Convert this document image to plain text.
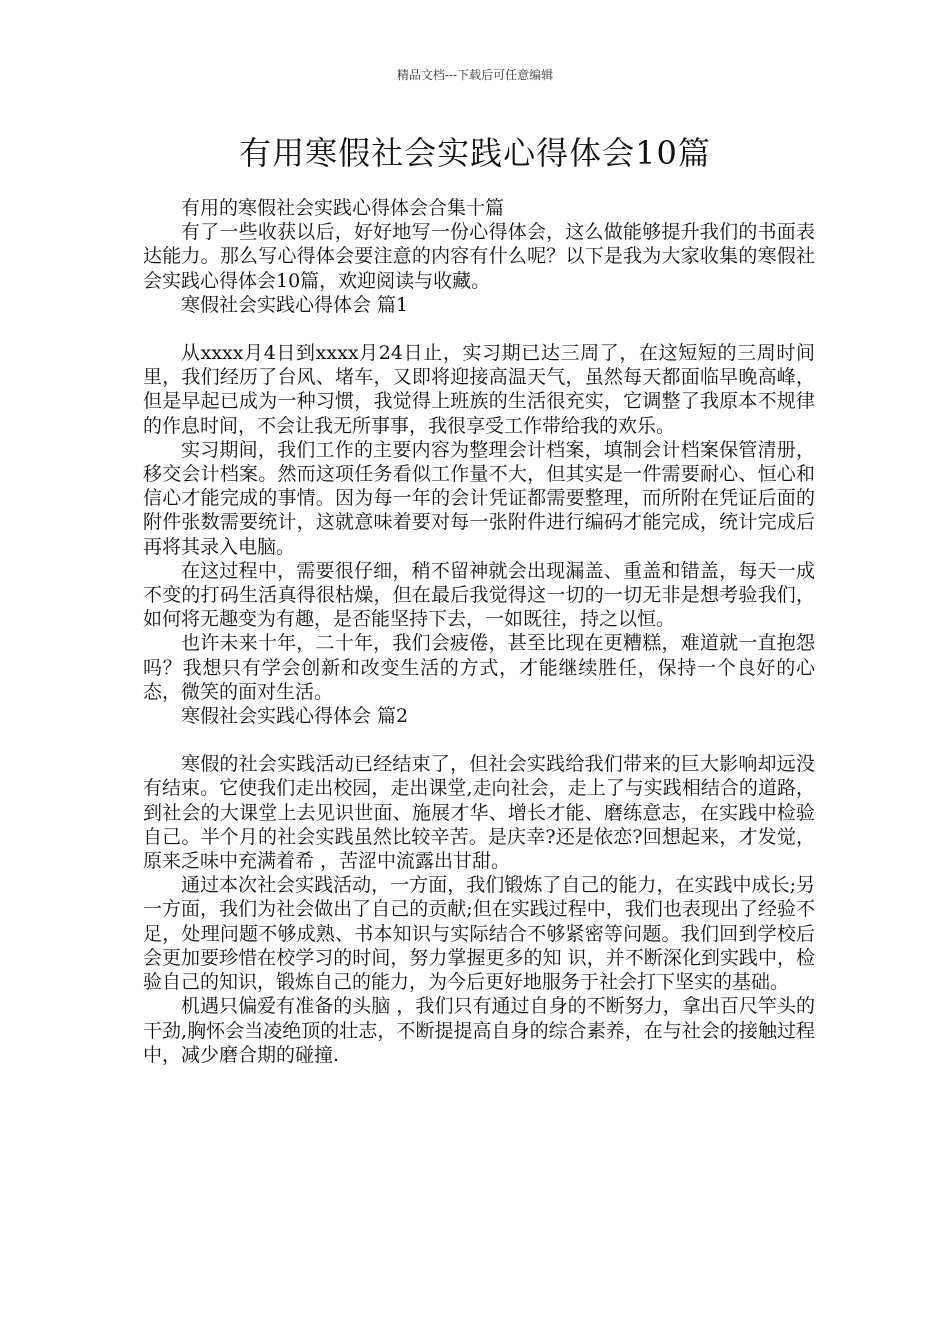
精品文档---下载后可任意编辑
有用寒假社会实践心得体会10篇

有用的寒假社会实践心得体会合集十篇

有了一些收获以后，好好地写一份心得体会，这么做能够提升我们的书面表达能力。那么写心得体会要注意的内容有什么呢？以下是我为大家收集的寒假社会实践心得体会10篇，欢迎阅读与收藏。

寒假社会实践心得体会 篇1

从xxxx月4日到xxxx月24日止，实习期已达三周了，在这短短的三周时间里，我们经历了台风、堵车，又即将迎接高温天气，虽然每天都面临早晚高峰，但是早起已成为一种习惯，我觉得上班族的生活很充实，它调整了我原本不规律的作息时间，不会让我无所事事，我很享受工作带给我的欢乐。

实习期间，我们工作的主要内容为整理会计档案，填制会计档案保管清册，移交会计档案。然而这项任务看似工作量不大，但其实是一件需要耐心、恒心和信心才能完成的事情。因为每一年的会计凭证都需要整理，而所附在凭证后面的附件张数需要统计，这就意味着要对每一张附件进行编码才能完成，统计完成后再将其录入电脑。

在这过程中，需要很仔细，稍不留神就会出现漏盖、重盖和错盖，每天一成不变的打码生活真得很枯燥，但在最后我觉得这一切的一切无非是想考验我们，如何将无趣变为有趣，是否能坚持下去，一如既往，持之以恒。

也许未来十年，二十年，我们会疲倦，甚至比现在更糟糕，难道就一直抱怨吗？我想只有学会创新和改变生活的方式，才能继续胜任，保持一个良好的心态，微笑的面对生活。

寒假社会实践心得体会 篇2

寒假的社会实践活动已经结束了，但社会实践给我们带来的巨大影响却远没有结束。它使我们走出校园，走出课堂,走向社会，走上了与实践相结合的道路，到社会的大课堂上去见识世面、施展才华、增长才能、磨练意志，在实践中检验自己。半个月的社会实践虽然比较辛苦。是庆幸?还是依恋?回想起来，才发觉，原来乏味中充满着希 ，苦涩中流露出甘甜。

通过本次社会实践活动，一方面，我们锻炼了自己的能力，在实践中成长;另一方面，我们为社会做出了自己的贡献;但在实践过程中，我们也表现出了经验不足，处理问题不够成熟、书本知识与实际结合不够紧密等问题。我们回到学校后会更加要珍惜在校学习的时间，努力掌握更多的知 识，并不断深化到实践中，检验自己的知识，锻炼自己的能力，为今后更好地服务于社会打下坚实的基础。

机遇只偏爱有准备的头脑 ，我们只有通过自身的不断努力，拿出百尺竿头的干劲,胸怀会当凌绝顶的壮志，不断提提高自身的综合素养，在与社会的接触过程中，减少磨合期的碰撞.
